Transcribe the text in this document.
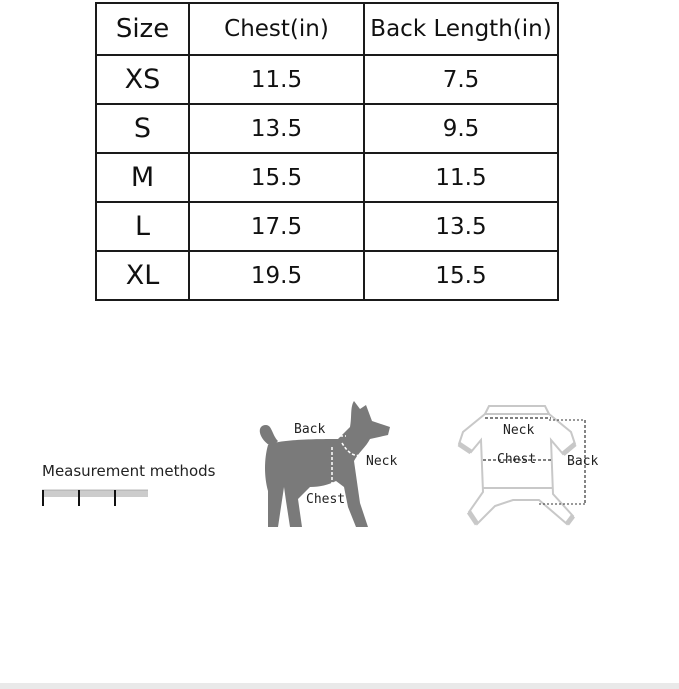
Size	Chest(in)	Back Length(in)
XS	11.5	7.5
S	13.5	9.5
M	15.5	11.5
L	17.5	13.5
XL	19.5	15.5
Measurement methods
Back
Neck
Chest
Neck
Chest Back
